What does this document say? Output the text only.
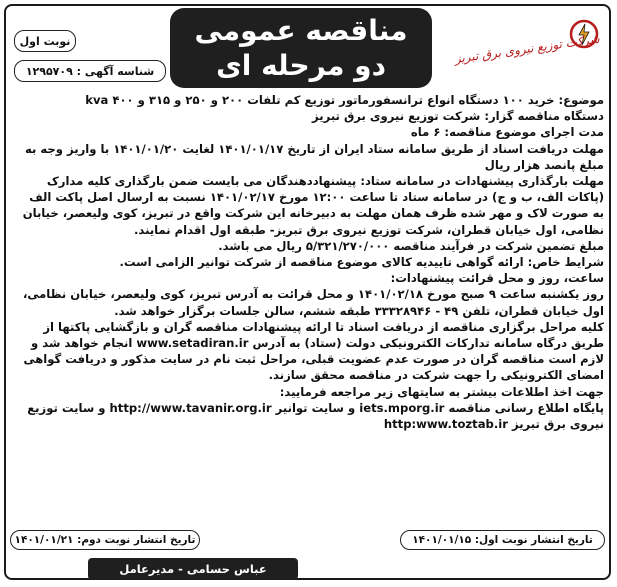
مناقصه عمومی
دو مرحله ای
نوبت اول
شناسه آگهی : ۱۲۹۵۷۰۹
شرکت توزیع نیروی برق تبریز

موضوع: خرید ۱۰۰ دستگاه انواع ترانسفورماتور توزیع کم تلفات ۲۰۰ و ۲۵۰ و ۳۱۵ و ۴۰۰ kva

دستگاه مناقصه گزار: شرکت توزیع نیروی برق تبریز

مدت اجرای موضوع مناقصه: ۶ ماه

مهلت دریافت اسناد از طریق سامانه ستاد ایران از تاریخ ۱۴۰۱/۰۱/۱۷ لغایت ۱۴۰۱/۰۱/۲۰ با واریز وجه به مبلغ پانصد هزار ریال

مهلت بارگذاری پیشنهادات در سامانه ستاد: پیشنهاددهندگان می بایست ضمن بارگذاری کلیه مدارک (پاکات الف، ب و ج) در سامانه ستاد تا ساعت ۱۲:۰۰ مورخ ۱۴۰۱/۰۲/۱۷ نسبت به ارسال اصل پاکت الف به صورت لاک و مهر شده ظرف همان مهلت به دبیرخانه این شرکت واقع در تبریز، کوی ولیعصر، خیابان نظامی، اول خیابان قطران، شرکت توزیع نیروی برق تبریز- طبقه اول اقدام نمایند.

مبلغ تضمین شرکت در فرآیند مناقصه ۵/۳۲۱/۲۷۰/۰۰۰ ریال می باشد.

شرایط خاص: ارائه گواهی تاییدیه کالای موضوع مناقصه از شرکت توانیر الزامی است.

ساعت، روز و محل قرائت پیشنهادات:

روز یکشنبه ساعت ۹ صبح مورخ ۱۴۰۱/۰۲/۱۸ و محل قرائت به آدرس تبریز، کوی ولیعصر، خیابان نظامی، اول خیابان قطران، تلفن ۴۹ - ۳۳۳۲۸۹۴۶ طبقه ششم، سالن جلسات برگزار خواهد شد.

کلیه مراحل برگزاری مناقصه از دریافت اسناد تا ارائه پیشنهادات مناقصه گران و بازگشایی پاکتها از طریق درگاه سامانه تدارکات الکترونیکی دولت (ستاد) به آدرس www.setadiran.ir انجام خواهد شد و لازم است مناقصه گران در صورت عدم عضویت قبلی، مراحل ثبت نام در سایت مذکور و دریافت گواهی امضای الکترونیکی را جهت شرکت در مناقصه محقق سازند.

جهت اخذ اطلاعات بیشتر به سایتهای زیر مراجعه فرمایید:

پایگاه اطلاع رسانی مناقصه iets.mporg.ir و سایت توانیر http://www.tavanir.org.ir و سایت توزیع نیروی برق تبریز http:www.toztab.ir

تاریخ انتشار نوبت اول: ۱۴۰۱/۰۱/۱۵
تاریخ انتشار نوبت دوم: ۱۴۰۱/۰۱/۲۱
عباس حسامی - مدیرعامل
